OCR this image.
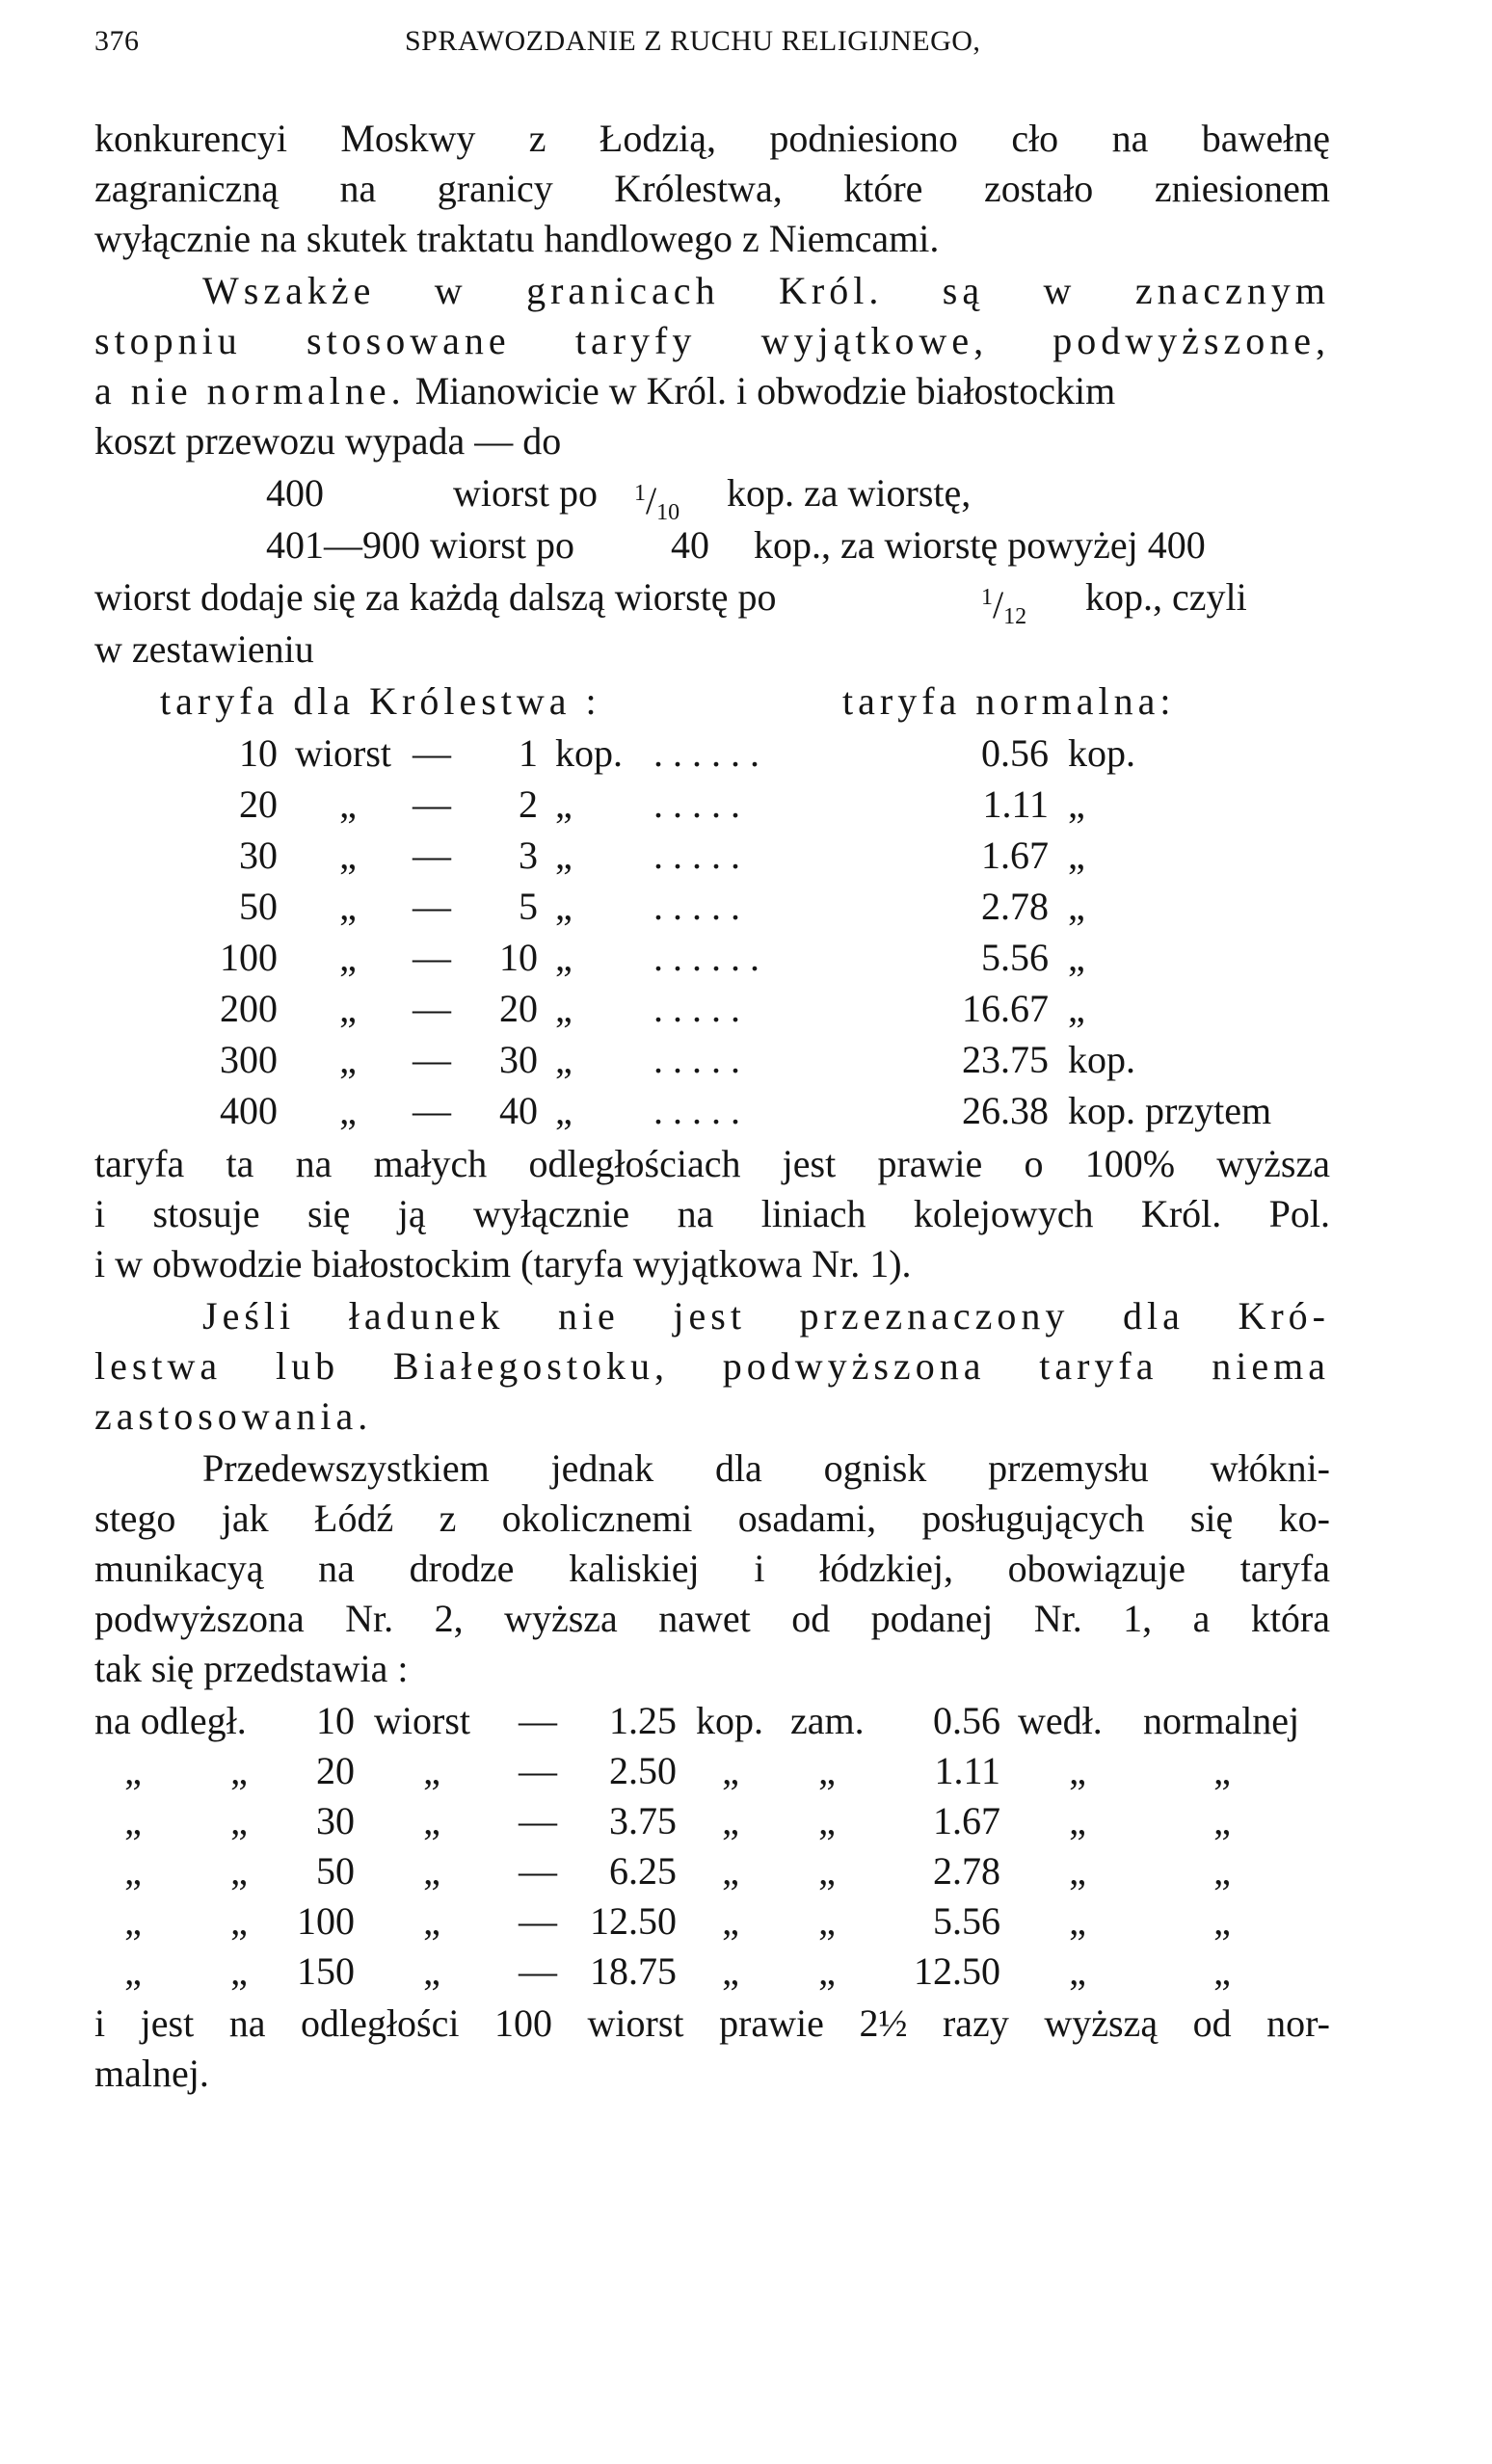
376	SPRAWOZDANIE Z RUCHU RELIGIJNEGO,
konkurencyi Moskwy z Łodzią, podniesiono cło na bawełnę
zagraniczną na granicy Królestwa, które zostało zniesionem
wyłącznie na skutek traktatu handlowego z Niemcami.
Wszakże w granicach Król. są w znacznym
stopniu stosowane taryfy wyjątkowe, podwyższone,
a nie normalne. Mianowicie w Król. i obwodzie białostockim
koszt przewozu wypada — do
400	wiorst po $^1/_{10}$ kop. za wiorstę,
401—900 wiorst po	40 kop., za wiorstę powyżej 400
wiorst dodaje się za każdą dalszą wiorstę po	$^1/_{12}$ kop., czyli
w zestawieniu
taryfa dla Królestwa :	taryfa normalna:
10 wiorst —	1 kop. . . . . . .	0.56 kop.
20	„	—	2 „	. . . . .	1.11 „
30	„	—	3 „	. . . . .	1.67 „
50	„	—	5 „	. . . . .	2.78 „
100	„	—	10 „	. . . . . .	5.56 „
200	„	—	20 „	. . . . .	16.67 „
300	„	—	30 „	. . . . .	23.75 kop.
400	„	—	40 „	. . . . .	26.38 kop. przytem
taryfa ta na małych odległościach jest prawie o 100% wyższa
i stosuje się ją wyłącznie na liniach kolejowych Król. Pol.
i w obwodzie białostockim (taryfa wyjątkowa Nr. 1).
Jeśli ładunek nie jest przeznaczony dla Kró-
lestwa lub Białegostoku, podwyższona taryfa niema
zastosowania.
Przedewszystkiem jednak dla ognisk przemysłu włókni-
stego jak Łódź z okolicznemi osadami, posługujących się ko-
munikacyą na drodze kaliskiej i łódzkiej, obowiązuje taryfa
podwyższona Nr. 2, wyższa nawet od podanej Nr. 1, a która
tak się przedstawia :
na odległ.	10 wiorst	—	1.25 kop. zam.	0.56 wedł.	normalnej
„ „	20 „ —	2.50 „ „	1.11 „	„
„ „	30 „ —	3.75 „ „	1.67 „	„
„ „	50 „ —	6.25 „ „	2.78 „	„
„ „	100 „ — 12.50 „ „	5.56 „	„
„ „	150 „ — 18.75 „ „	12.50 „	„
i jest na odległości 100 wiorst prawie 2½ razy wyższą od nor-
malnej.
